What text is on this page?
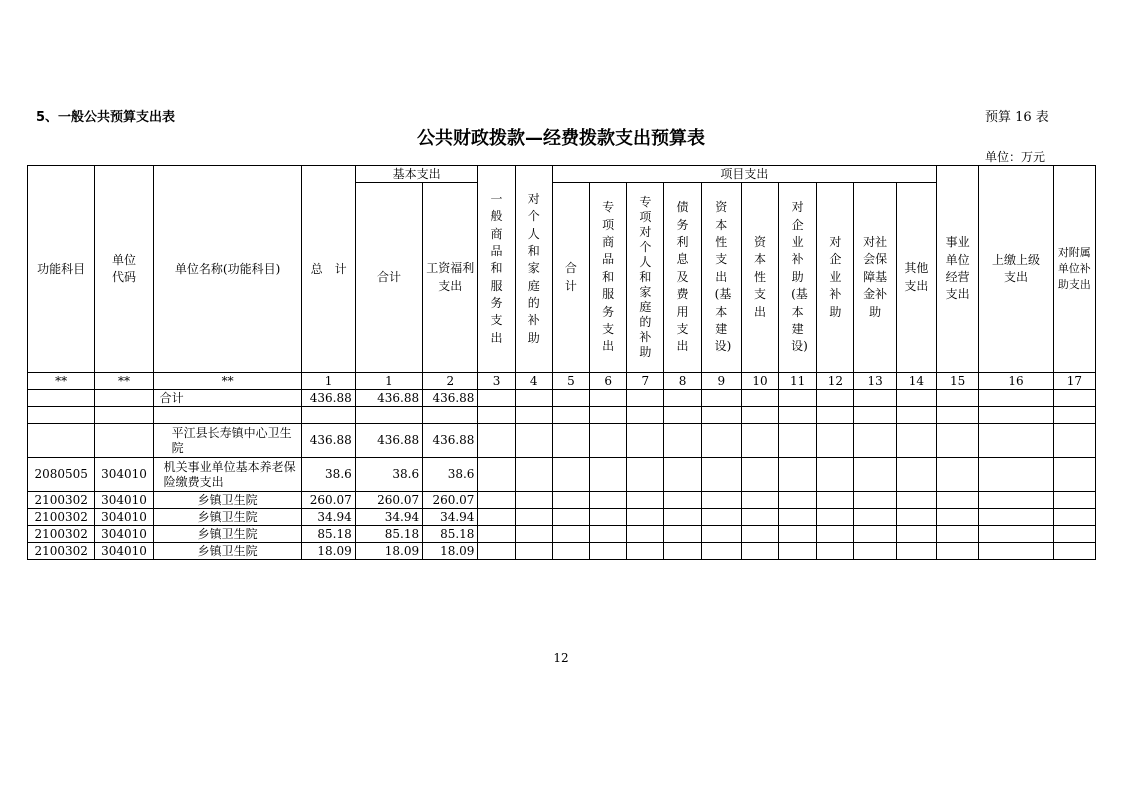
5、一般公共预算支出表	预算 16 表
公共财政拨款—经费拨款支出预算表
单位：万元
功能科目	单位代码	单位名称(功能科目)	总　计	基本支出		一般商品和服务支出	对个人和家庭的补助	项目支出										事业单位经营支出	上缴上级支出	对附属单位补助支出
				合计	工资福利支出			合计	专项商品和服务支出	专项对个人和家庭的补助	债务利息及费用支出	资本性支出(基本建设)	资本性支出	对企业补助(基本建设)	对企业补助	对社会保障基金补助	其他支出			
**	**	**	1	1	2	3	4	5	6	7	8	9	10	11	12	13	14	15	16	17
		合计	436.88	436.88	436.88															

		平江县长寿镇中心卫生院	436.88	436.88	436.88															
2080505	304010	机关事业单位基本养老保险缴费支出	38.6	38.6	38.6															
2100302	304010	乡镇卫生院	260.07	260.07	260.07															
2100302	304010	乡镇卫生院	34.94	34.94	34.94															
2100302	304010	乡镇卫生院	85.18	85.18	85.18															
2100302	304010	乡镇卫生院	18.09	18.09	18.09															
12
